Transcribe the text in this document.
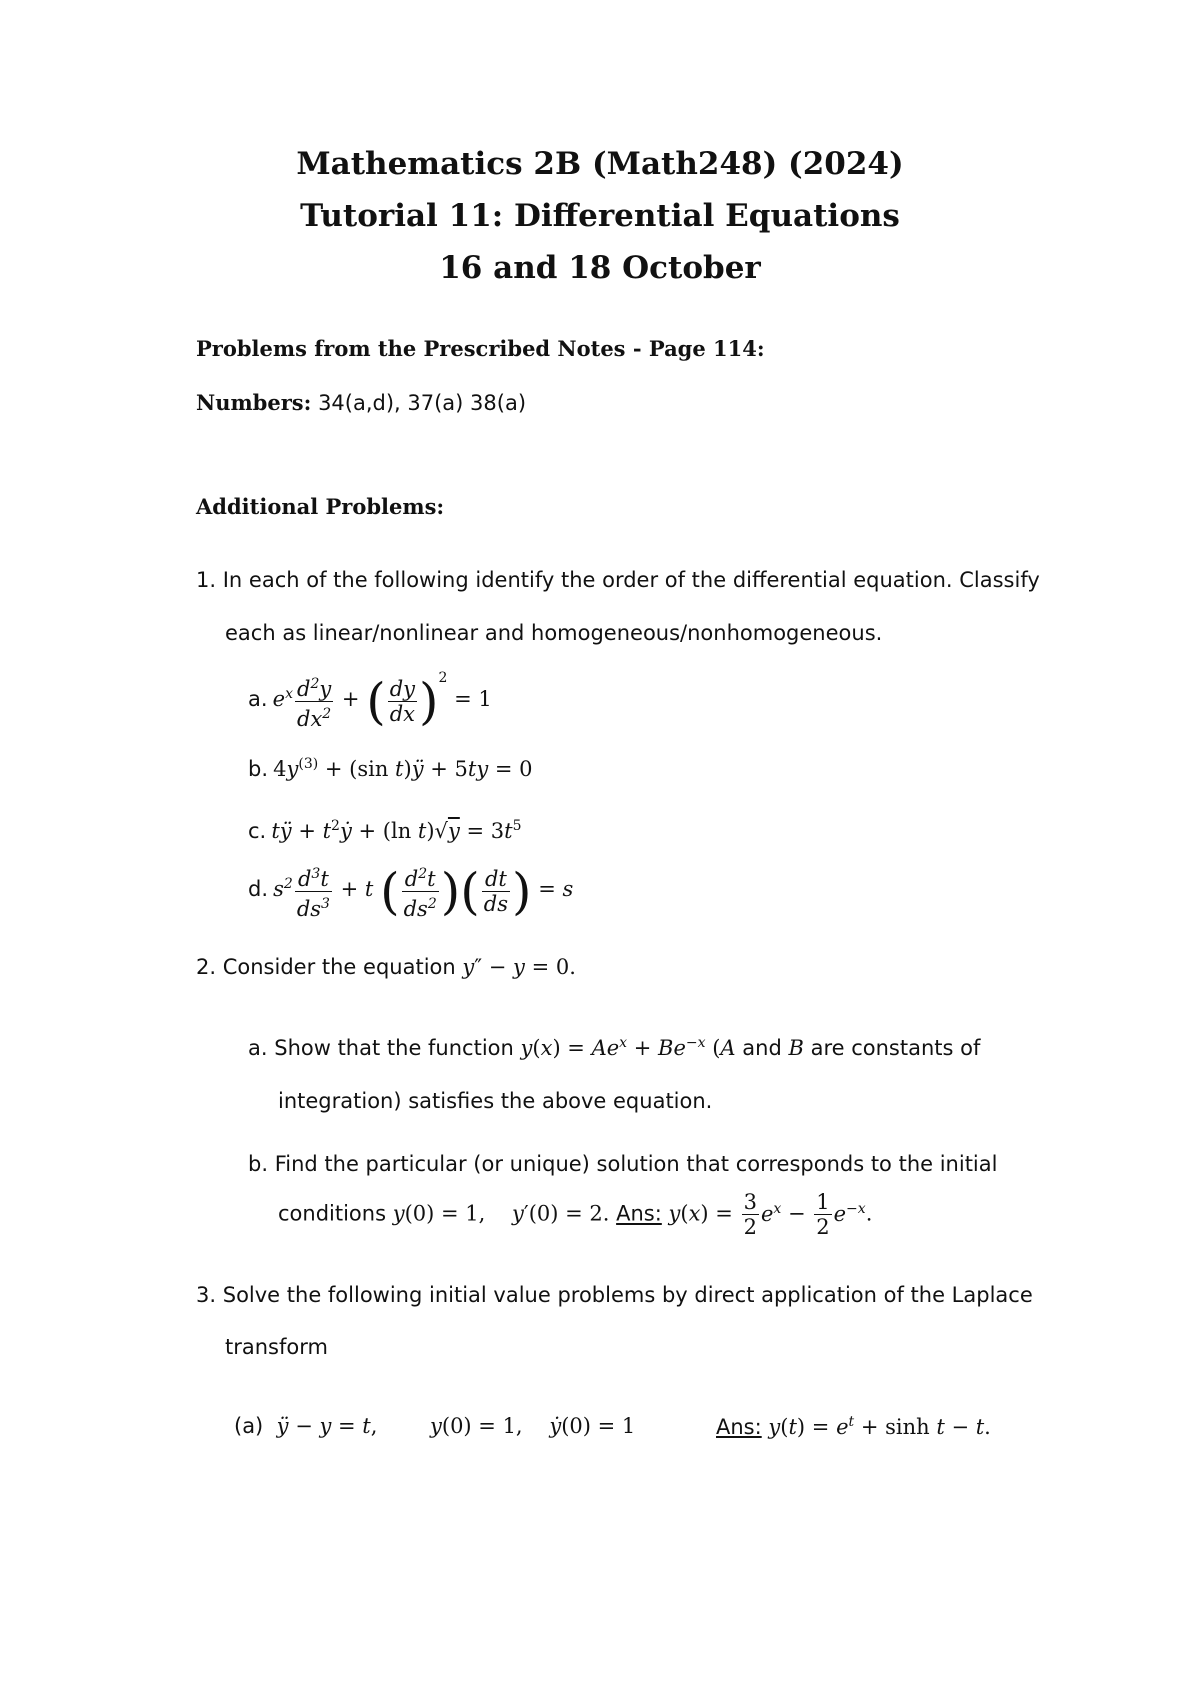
Mathematics 2B (Math248) (2024)
Tutorial 11: Differential Equations
16 and 18 October
Problems from the Prescribed Notes - Page 114:
Numbers: 34(a,d), 37(a) 38(a)
Additional Problems:
1. In each of the following identify the order of the differential equation. Classify
each as linear/nonlinear and homogeneous/nonhomogeneous.
a. $e^x \frac{d^2y}{dx^2}$ + ( $\frac{dy}{dx} )^2 = 1$
b. $4y^{(3)} + (\sin$ t)ÿ + 5ty = 0
c. tÿ + $t^2ẏ + (\ln$ $t)√y = 3t^5$
d. $s^2 \frac{d^3t}{ds^3} + t$ ( $\frac{d^2t}{ds^2}$ )( $\frac{dt}{ds}$ ) = s
2. Consider the equation y″ − y = 0.
a. Show that the function $y(x) = Ae^x + Be^{-x}$ (A and B are constants of
integration) satisfies the above equation.
b. Find the particular (or unique) solution that corresponds to the initial
conditions y(0) = 1,    y′(0) = 2. Ans: $y(x) = \frac{3}{2} e^x - \frac{1}{2} e^{-x}$.
3. Solve the following initial value problems by direct application of the Laplace
transform
(a) ÿ − y = t,	y(0) = 1,    ẏ(0) = 1	Ans: $y(t) = e^t + \sinh t - t$.
